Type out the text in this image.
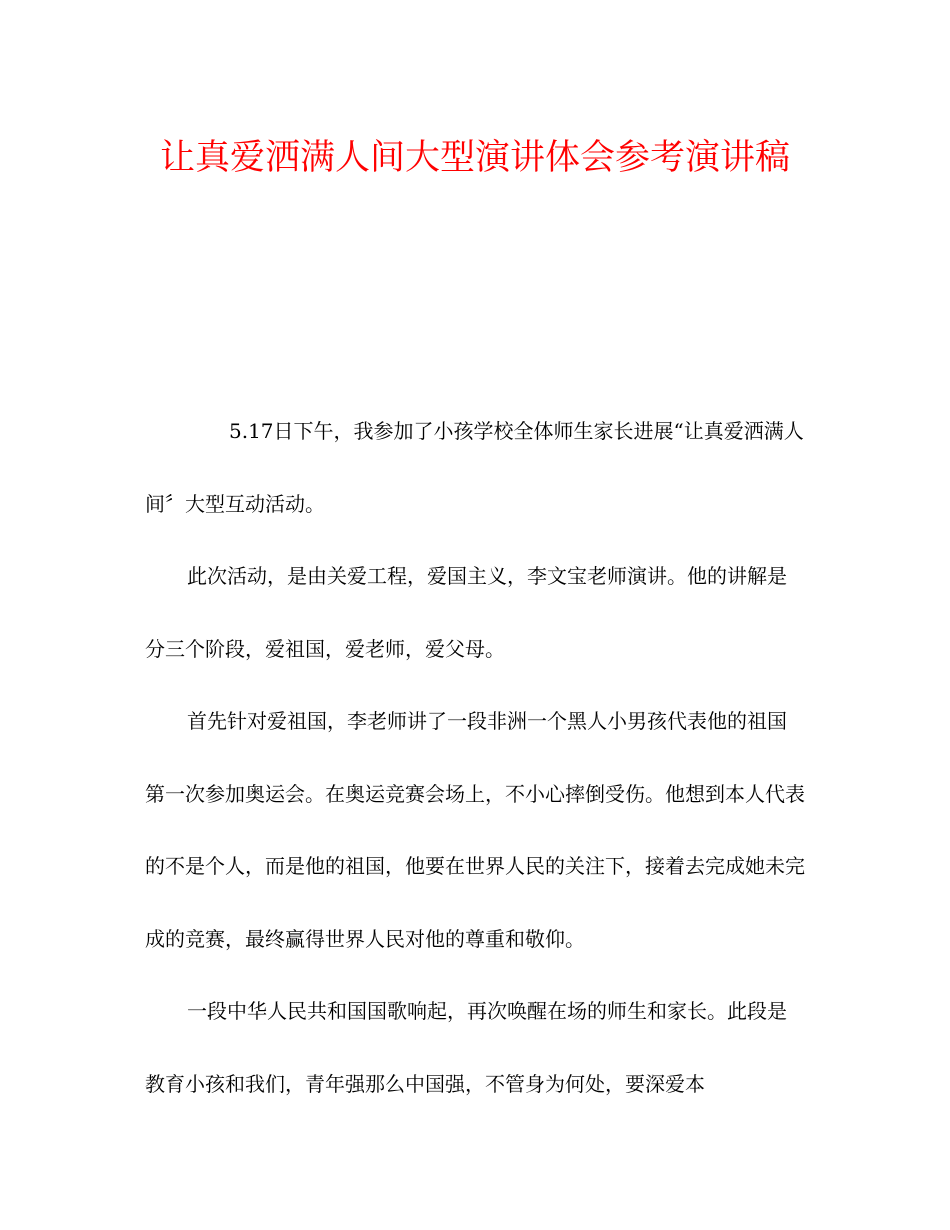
让真爱洒满人间大型演讲体会参考演讲稿

5.17日下午，我参加了小孩学校全体师生家长进展“让真爱洒满人间〞大型互动活动。

此次活动，是由关爱工程，爱国主义，李文宝老师演讲。他的讲解是分三个阶段，爱祖国，爱老师，爱父母。

首先针对爱祖国，李老师讲了一段非洲一个黑人小男孩代表他的祖国第一次参加奥运会。在奥运竞赛会场上，不小心摔倒受伤。他想到本人代表的不是个人，而是他的祖国，他要在世界人民的关注下，接着去完成她未完成的竞赛，最终赢得世界人民对他的尊重和敬仰。

一段中华人民共和国国歌响起，再次唤醒在场的师生和家长。此段是教育小孩和我们，青年强那么中国强，不管身为何处，要深爱本
